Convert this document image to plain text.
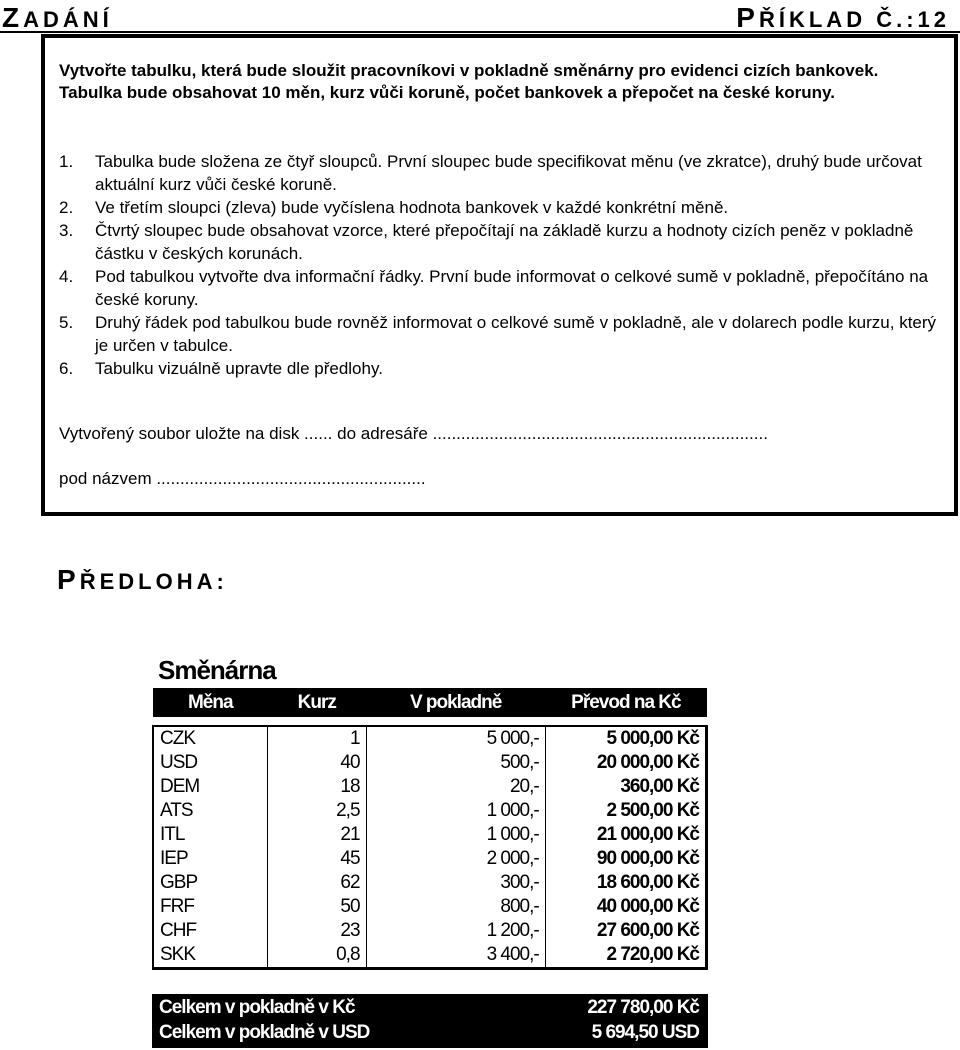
ZADÁNÍ	PŘÍKLAD Č.:12
Vytvořte tabulku, která bude sloužit pracovníkovi v pokladně směnárny pro evidenci cizích bankovek. Tabulka bude obsahovat 10 měn, kurz vůči koruně, počet bankovek a přepočet na české koruny.
1. Tabulka bude složena ze čtyř sloupců. První sloupec bude specifikovat měnu (ve zkratce), druhý bude určovat aktuální kurz vůči české koruně.
2. Ve třetím sloupci (zleva) bude vyčíslena hodnota bankovek v každé konkrétní měně.
3. Čtvrtý sloupec bude obsahovat vzorce, které přepočítají na základě kurzu a hodnoty cizích peněz v pokladně částku v českých korunách.
4. Pod tabulkou vytvořte dva informační řádky. První bude informovat o celkové sumě v pokladně, přepočítáno na české koruny.
5. Druhý řádek pod tabulkou bude rovněž informovat o celkové sumě v pokladně, ale v dolarech podle kurzu, který je určen v tabulce.
6. Tabulku vizuálně upravte dle předlohy.
Vytvořený soubor uložte na disk ...... do adresáře .......................................................................
pod názvem .........................................................
PŘEDLOHA:
Směnárna
Měna	Kurz	V pokladně	Převod na Kč

CZK	1	5 000,-	5 000,00 Kč
USD	40	500,-	20 000,00 Kč
DEM	18	20,-	360,00 Kč
ATS	2,5	1 000,-	2 500,00 Kč
ITL	21	1 000,-	21 000,00 Kč
IEP	45	2 000,-	90 000,00 Kč
GBP	62	300,-	18 600,00 Kč
FRF	50	800,-	40 000,00 Kč
CHF	23	1 200,-	27 600,00 Kč
SKK	0,8	3 400,-	2 720,00 Kč
Celkem v pokladně v Kč	227 780,00 Kč
Celkem v pokladně v USD	5 694,50 USD
